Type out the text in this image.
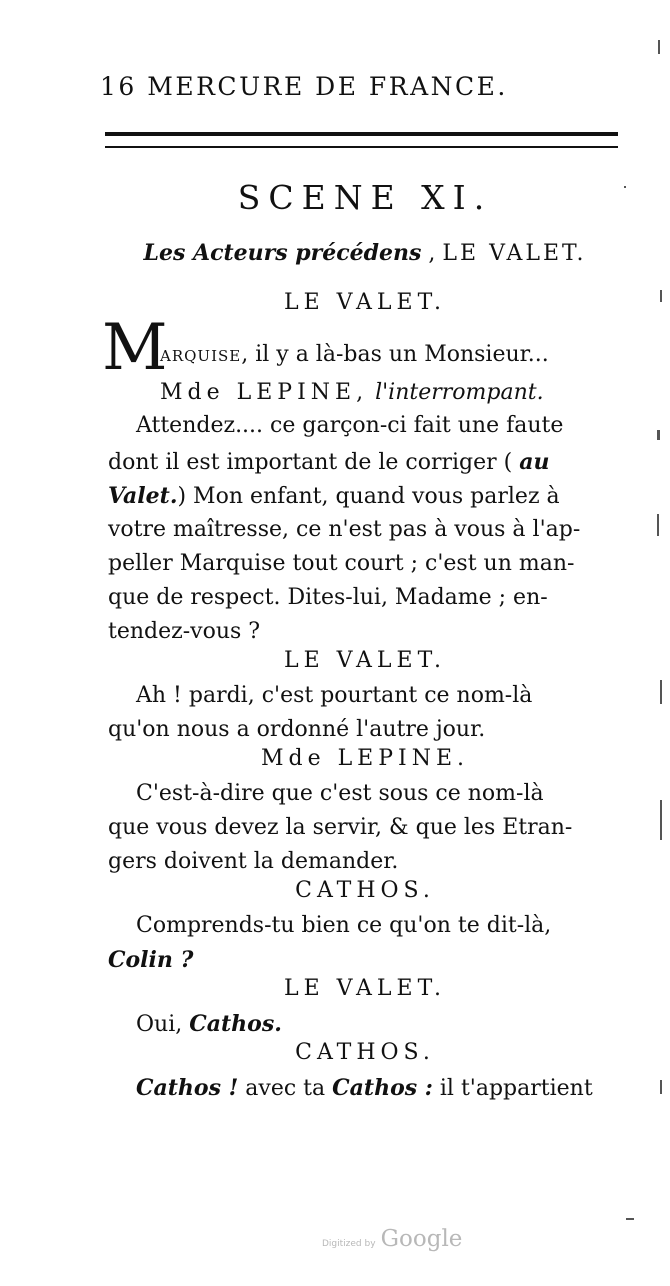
16 MERCURE DE FRANCE.
SCENE XI.
Les Acteurs précédens , LE VALET.
LE VALET.
M
ARQUISE, il y a là-bas un Monsieur...
Mde LEPINE, l'interrompant.
Attendez.... ce garçon-ci fait une faute
dont il est important de le corriger ( au
Valet.) Mon enfant, quand vous parlez à
votre maîtresse, ce n'est pas à vous à l'ap-
peller Marquise tout court ; c'est un man-
que de respect. Dites-lui, Madame ; en-
tendez-vous ?
LE VALET.
Ah ! pardi, c'est pourtant ce nom-là
qu'on nous a ordonné l'autre jour.
Mde LEPINE.
C'est-à-dire que c'est sous ce nom-là
que vous devez la servir, & que les Etran-
gers doivent la demander.
CATHOS.
Comprends-tu bien ce qu'on te dit-là,
Colin ?
LE VALET.
Oui, Cathos.
CATHOS.
Cathos ! avec ta Cathos : il t'appartient
Digitized by Google
